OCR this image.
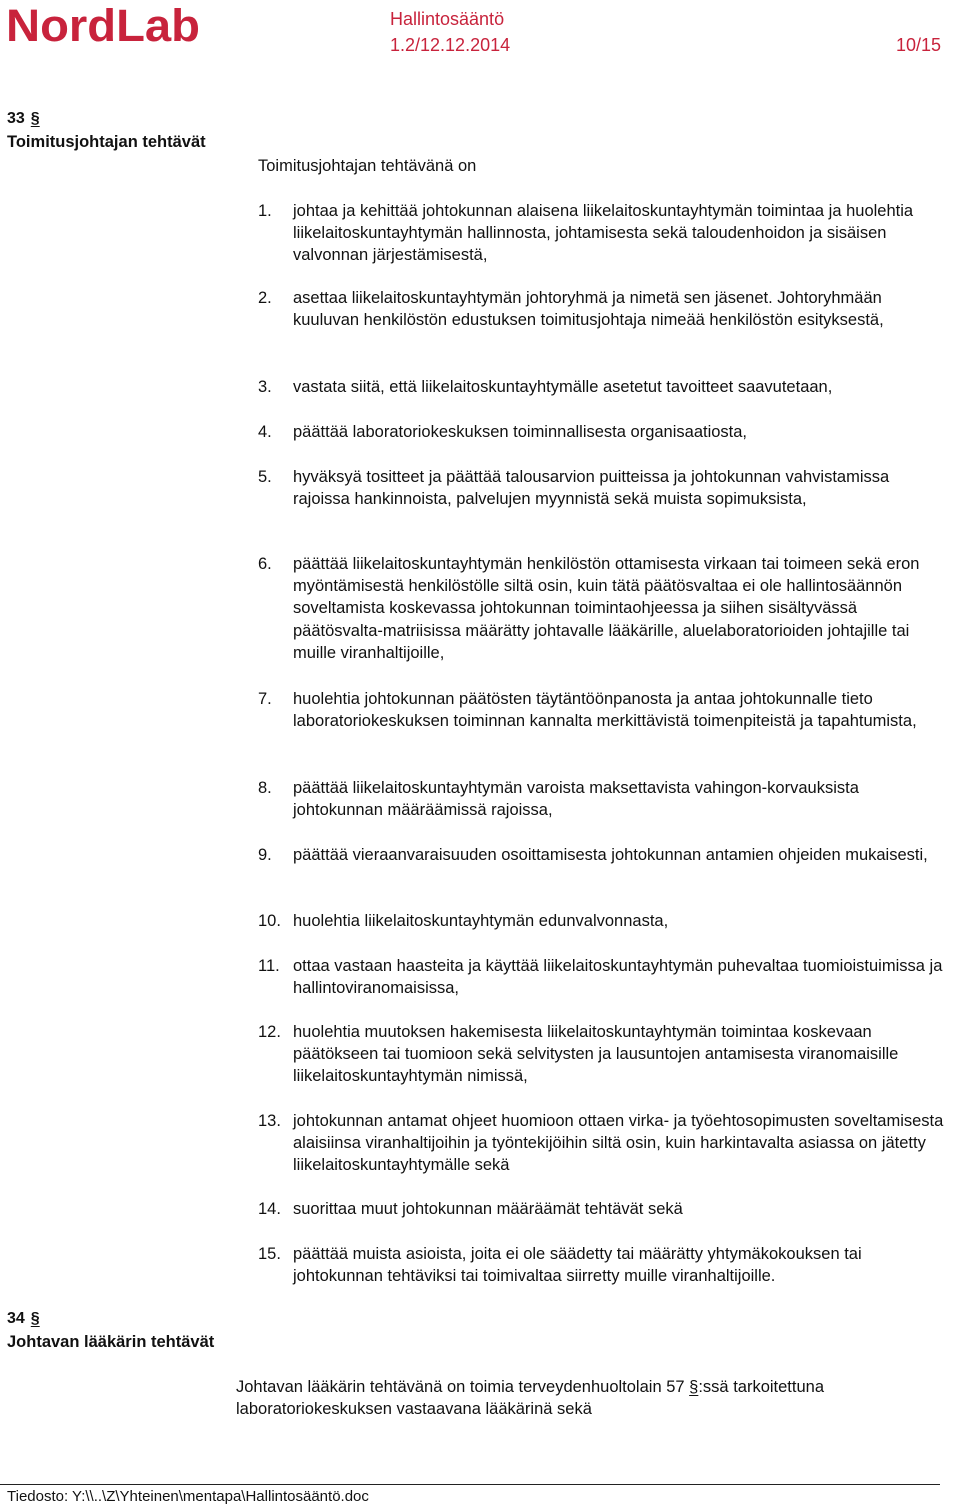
NordLab	Hallintosääntö
1.2/12.12.2014	10/15
33 §
Toimitusjohtajan tehtävät
Toimitusjohtajan tehtävänä on
1. johtaa ja kehittää johtokunnan alaisena liikelaitoskuntayhtymän toimintaa ja huolehtia liikelaitoskuntayhtymän hallinnosta, johtamisesta sekä taloudenhoidon ja sisäisen valvonnan järjestämisestä,
2. asettaa liikelaitoskuntayhtymän johtoryhmä ja nimetä sen jäsenet. Johtoryhmään kuuluvan henkilöstön edustuksen toimitusjohtaja nimeää henkilöstön esityksestä,
3. vastata siitä, että liikelaitoskuntayhtymälle asetetut tavoitteet saavutetaan,
4. päättää laboratoriokeskuksen toiminnallisesta organisaatiosta,
5. hyväksyä tositteet ja päättää talousarvion puitteissa ja johtokunnan vahvistamissa rajoissa hankinnoista, palvelujen myynnistä sekä muista sopimuksista,
6. päättää liikelaitoskuntayhtymän henkilöstön ottamisesta virkaan tai toimeen sekä eron myöntämisestä henkilöstölle siltä osin, kuin tätä päätösvaltaa ei ole hallintosäännön soveltamista koskevassa johtokunnan toimintaohjeessa ja siihen sisältyvässä päätösvalta-matriisissa määrätty johtavalle lääkärille, aluelaboratorioiden johtajille tai muille viranhaltijoille,
7. huolehtia johtokunnan päätösten täytäntöönpanosta ja antaa johtokunnalle tieto laboratoriokeskuksen toiminnan kannalta merkittävistä toimenpiteistä ja tapahtumista,
8. päättää liikelaitoskuntayhtymän varoista maksettavista vahingon-korvauksista johtokunnan määräämissä rajoissa,
9. päättää vieraanvaraisuuden osoittamisesta johtokunnan antamien ohjeiden mukaisesti,
10. huolehtia liikelaitoskuntayhtymän edunvalvonnasta,
11. ottaa vastaan haasteita ja käyttää liikelaitoskuntayhtymän puhevaltaa tuomioistuimissa ja hallintoviranomaisissa,
12. huolehtia muutoksen hakemisesta liikelaitoskuntayhtymän toimintaa koskevaan päätökseen tai tuomioon sekä selvitysten ja lausuntojen antamisesta viranomaisille liikelaitoskuntayhtymän nimissä,
13. johtokunnan antamat ohjeet huomioon ottaen virka- ja työehtosopimusten soveltamisesta alaisiinsa viranhaltijoihin ja työntekijöihin siltä osin, kuin harkintavalta asiassa on jätetty liikelaitoskuntayhtymälle sekä
14. suorittaa muut johtokunnan määräämät tehtävät sekä
15. päättää muista asioista, joita ei ole säädetty tai määrätty yhtymäkokouksen tai johtokunnan tehtäviksi tai toimivaltaa siirretty muille viranhaltijoille.
34 §
Johtavan lääkärin tehtävät
Johtavan lääkärin tehtävänä on toimia terveydenhuoltolain 57 §:ssä tarkoitettuna laboratoriokeskuksen vastaavana lääkärinä sekä
Tiedosto: Y:\\..\Z\Yhteinen\mentapa\Hallintosääntö.doc
